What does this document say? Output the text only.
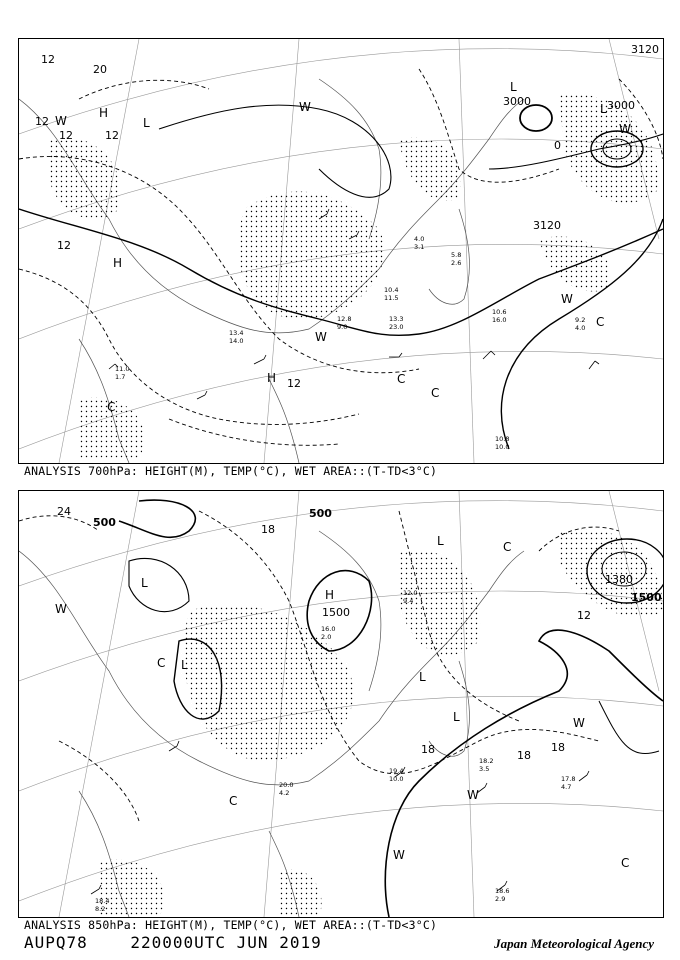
3120
3000
3000
3120
12
12
12
12
12
0
20
12
L
L
L
H
H
H
W
W
W
W
W
C
C
C
C
10.6
16.0	9.2
4.0
10.8
10.0
13.4
14.0
13.3
23.0
11.0
1.7
4.0
3.1
12.8
9.0
5.8
2.6
10.4
11.5
ANALYSIS 700hPa: HEIGHT(M), TEMP(°C), WET AREA::(T-TD<3°C)
500
500
1500
1500
1380
24
18
18	18
18
12
L
L
L
L
L
H
W
W
W
W
C
C
C
C
19.4
10.0
18.2
3.5
17.8
4.7
18.6
2.9
18.4
8.2
16.0
2.0
12.0
9.4
20.0
4.2
ANALYSIS 850hPa: HEIGHT(M), TEMP(°C), WET AREA::(T-TD<3°C)
AUPQ78	220000UTC JUN 2019	Japan Meteorological Agency
